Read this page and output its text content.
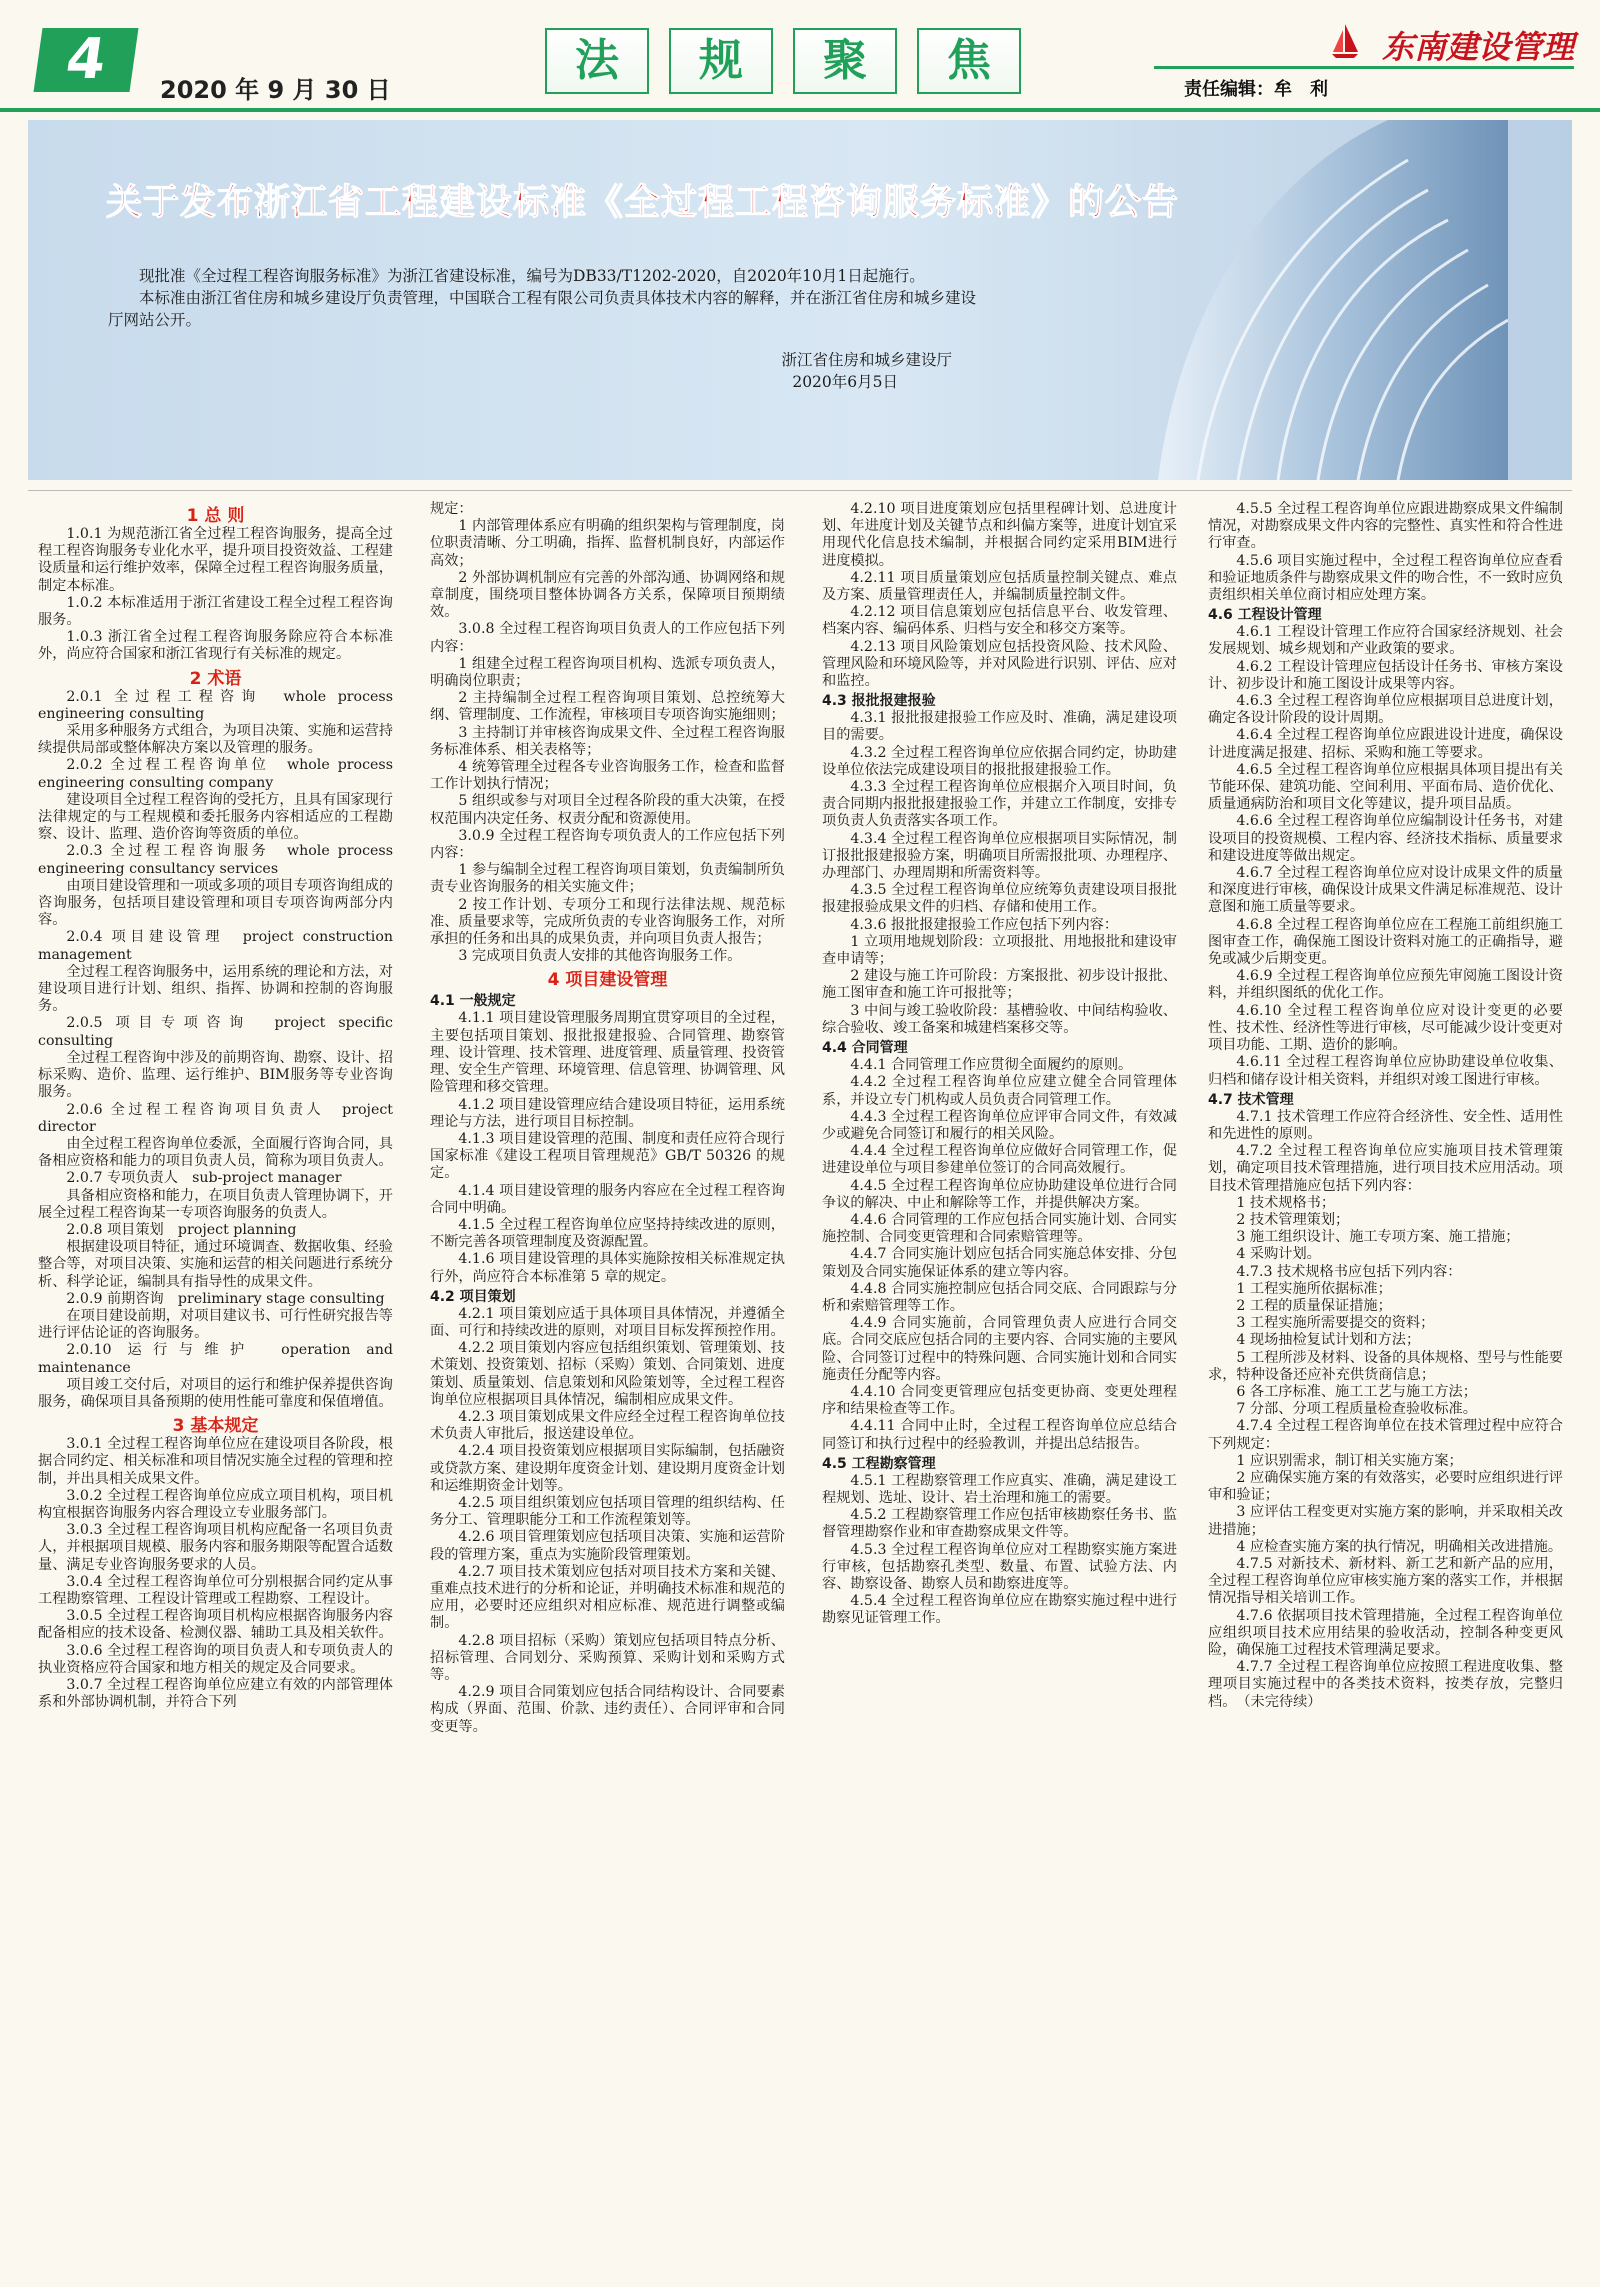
4	2020 年 9 月 30 日
法	规	聚	焦	东南建设管理
责任编辑：牟　利
关于发布浙江省工程建设标准《全过程工程咨询服务标准》的公告

现批准《全过程工程咨询服务标准》为浙江省建设标准，编号为DB33/T1202-2020，自2020年10月1日起施行。

本标准由浙江省住房和城乡建设厅负责管理，中国联合工程有限公司负责具体技术内容的解释，并在浙江省住房和城乡建设厅网站公开。

浙江省住房和城乡建设厅

2020年6月5日

1 总 则

1.0.1 为规范浙江省全过程工程咨询服务，提高全过程工程咨询服务专业化水平，提升项目投资效益、工程建设质量和运行维护效率，保障全过程工程咨询服务质量，制定本标准。

1.0.2 本标准适用于浙江省建设工程全过程工程咨询服务。

1.0.3 浙江省全过程工程咨询服务除应符合本标准外，尚应符合国家和浙江省现行有关标准的规定。

2 术语

2.0.1 全过程工程咨询　whole process engineering consulting

采用多种服务方式组合，为项目决策、实施和运营持续提供局部或整体解决方案以及管理的服务。

2.0.2 全过程工程咨询单位　whole process engineering consulting company

建设项目全过程工程咨询的受托方，且具有国家现行法律规定的与工程规模和委托服务内容相适应的工程勘察、设计、监理、造价咨询等资质的单位。

2.0.3 全过程工程咨询服务　whole process engineering consultancy services

由项目建设管理和一项或多项的项目专项咨询组成的咨询服务，包括项目建设管理和项目专项咨询两部分内容。

2.0.4 项目建设管理　project construction management

全过程工程咨询服务中，运用系统的理论和方法，对建设项目进行计划、组织、指挥、协调和控制的咨询服务。

2.0.5 项目专项咨询　project specific consulting

全过程工程咨询中涉及的前期咨询、勘察、设计、招标采购、造价、监理、运行维护、BIM服务等专业咨询服务。

2.0.6 全过程工程咨询项目负责人　project director

由全过程工程咨询单位委派，全面履行咨询合同，具备相应资格和能力的项目负责人员，简称为项目负责人。

2.0.7 专项负责人　sub-project manager

具备相应资格和能力，在项目负责人管理协调下，开展全过程工程咨询某一专项咨询服务的负责人。

2.0.8 项目策划　project planning

根据建设项目特征，通过环境调查、数据收集、经验整合等，对项目决策、实施和运营的相关问题进行系统分析、科学论证，编制具有指导性的成果文件。

2.0.9 前期咨询　preliminary stage consulting

在项目建设前期，对项目建议书、可行性研究报告等进行评估论证的咨询服务。

2.0.10 运行与维护　operation and maintenance

项目竣工交付后，对项目的运行和维护保养提供咨询服务，确保项目具备预期的使用性能可靠度和保值增值。

3 基本规定

3.0.1 全过程工程咨询单位应在建设项目各阶段，根据合同约定、相关标准和项目情况实施全过程的管理和控制，并出具相关成果文件。

3.0.2 全过程工程咨询单位应成立项目机构，项目机构宜根据咨询服务内容合理设立专业服务部门。

3.0.3 全过程工程咨询项目机构应配备一名项目负责人，并根据项目规模、服务内容和服务期限等配置合适数量、满足专业咨询服务要求的人员。

3.0.4 全过程工程咨询单位可分别根据合同约定从事工程勘察管理、工程设计管理或工程勘察、工程设计。

3.0.5 全过程工程咨询项目机构应根据咨询服务内容配备相应的技术设备、检测仪器、辅助工具及相关软件。

3.0.6 全过程工程咨询的项目负责人和专项负责人的执业资格应符合国家和地方相关的规定及合同要求。

3.0.7 全过程工程咨询单位应建立有效的内部管理体系和外部协调机制，并符合下列

规定：

1 内部管理体系应有明确的组织架构与管理制度，岗位职责清晰、分工明确，指挥、监督机制良好，内部运作高效；

2 外部协调机制应有完善的外部沟通、协调网络和规章制度，围绕项目整体协调各方关系，保障项目预期绩效。

3.0.8 全过程工程咨询项目负责人的工作应包括下列内容：

1 组建全过程工程咨询项目机构、选派专项负责人，明确岗位职责；

2 主持编制全过程工程咨询项目策划、总控统筹大纲、管理制度、工作流程，审核项目专项咨询实施细则；

3 主持制订并审核咨询成果文件、全过程工程咨询服务标准体系、相关表格等；

4 统筹管理全过程各专业咨询服务工作，检查和监督工作计划执行情况；

5 组织或参与对项目全过程各阶段的重大决策，在授权范围内决定任务、权责分配和资源使用。

3.0.9 全过程工程咨询专项负责人的工作应包括下列内容：

1 参与编制全过程工程咨询项目策划，负责编制所负责专业咨询服务的相关实施文件；

2 按工作计划、专项分工和现行法律法规、规范标准、质量要求等，完成所负责的专业咨询服务工作，对所承担的任务和出具的成果负责，并向项目负责人报告；

3 完成项目负责人安排的其他咨询服务工作。

4 项目建设管理

4.1 一般规定

4.1.1 项目建设管理服务周期宜贯穿项目的全过程，主要包括项目策划、报批报建报验、合同管理、勘察管理、设计管理、技术管理、进度管理、质量管理、投资管理、安全生产管理、环境管理、信息管理、协调管理、风险管理和移交管理。

4.1.2 项目建设管理应结合建设项目特征，运用系统理论与方法，进行项目目标控制。

4.1.3 项目建设管理的范围、制度和责任应符合现行国家标准《建设工程项目管理规范》GB/T 50326 的规定。

4.1.4 项目建设管理的服务内容应在全过程工程咨询合同中明确。

4.1.5 全过程工程咨询单位应坚持持续改进的原则，不断完善各项管理制度及资源配置。

4.1.6 项目建设管理的具体实施除按相关标准规定执行外，尚应符合本标准第 5 章的规定。

4.2 项目策划

4.2.1 项目策划应适于具体项目具体情况，并遵循全面、可行和持续改进的原则，对项目目标发挥预控作用。

4.2.2 项目策划内容应包括组织策划、管理策划、技术策划、投资策划、招标（采购）策划、合同策划、进度策划、质量策划、信息策划和风险策划等，全过程工程咨询单位应根据项目具体情况，编制相应成果文件。

4.2.3 项目策划成果文件应经全过程工程咨询单位技术负责人审批后，报送建设单位。

4.2.4 项目投资策划应根据项目实际编制，包括融资或贷款方案、建设期年度资金计划、建设期月度资金计划和运维期资金计划等。

4.2.5 项目组织策划应包括项目管理的组织结构、任务分工、管理职能分工和工作流程策划等。

4.2.6 项目管理策划应包括项目决策、实施和运营阶段的管理方案，重点为实施阶段管理策划。

4.2.7 项目技术策划应包括对项目技术方案和关键、重难点技术进行的分析和论证，并明确技术标准和规范的应用，必要时还应组织对相应标准、规范进行调整或编制。

4.2.8 项目招标（采购）策划应包括项目特点分析、招标管理、合同划分、采购预算、采购计划和采购方式等。

4.2.9 项目合同策划应包括合同结构设计、合同要素构成（界面、范围、价款、违约责任）、合同评审和合同变更等。

4.2.10 项目进度策划应包括里程碑计划、总进度计划、年进度计划及关键节点和纠偏方案等，进度计划宜采用现代化信息技术编制，并根据合同约定采用BIM进行进度模拟。

4.2.11 项目质量策划应包括质量控制关键点、难点及方案、质量管理责任人，并编制质量控制文件。

4.2.12 项目信息策划应包括信息平台、收发管理、档案内容、编码体系、归档与安全和移交方案等。

4.2.13 项目风险策划应包括投资风险、技术风险、管理风险和环境风险等，并对风险进行识别、评估、应对和监控。

4.3 报批报建报验

4.3.1 报批报建报验工作应及时、准确，满足建设项目的需要。

4.3.2 全过程工程咨询单位应依据合同约定，协助建设单位依法完成建设项目的报批报建报验工作。

4.3.3 全过程工程咨询单位应根据介入项目时间，负责合同期内报批报建报验工作，并建立工作制度，安排专项负责人负责落实各项工作。

4.3.4 全过程工程咨询单位应根据项目实际情况，制订报批报建报验方案，明确项目所需报批项、办理程序、办理部门、办理周期和所需资料等。

4.3.5 全过程工程咨询单位应统筹负责建设项目报批报建报验成果文件的归档、存储和使用工作。

4.3.6 报批报建报验工作应包括下列内容：

1 立项用地规划阶段：立项报批、用地报批和建设审查申请等；

2 建设与施工许可阶段：方案报批、初步设计报批、施工图审查和施工许可报批等；

3 中间与竣工验收阶段：基槽验收、中间结构验收、综合验收、竣工备案和城建档案移交等。

4.4 合同管理

4.4.1 合同管理工作应贯彻全面履约的原则。

4.4.2 全过程工程咨询单位应建立健全合同管理体系，并设立专门机构或人员负责合同管理工作。

4.4.3 全过程工程咨询单位应评审合同文件，有效减少或避免合同签订和履行的相关风险。

4.4.4 全过程工程咨询单位应做好合同管理工作，促进建设单位与项目参建单位签订的合同高效履行。

4.4.5 全过程工程咨询单位应协助建设单位进行合同争议的解决、中止和解除等工作，并提供解决方案。

4.4.6 合同管理的工作应包括合同实施计划、合同实施控制、合同变更管理和合同索赔管理等。

4.4.7 合同实施计划应包括合同实施总体安排、分包策划及合同实施保证体系的建立等内容。

4.4.8 合同实施控制应包括合同交底、合同跟踪与分析和索赔管理等工作。

4.4.9 合同实施前，合同管理负责人应进行合同交底。合同交底应包括合同的主要内容、合同实施的主要风险、合同签订过程中的特殊问题、合同实施计划和合同实施责任分配等内容。

4.4.10 合同变更管理应包括变更协商、变更处理程序和结果检查等工作。

4.4.11 合同中止时，全过程工程咨询单位应总结合同签订和执行过程中的经验教训，并提出总结报告。

4.5 工程勘察管理

4.5.1 工程勘察管理工作应真实、准确，满足建设工程规划、选址、设计、岩土治理和施工的需要。

4.5.2 工程勘察管理工作应包括审核勘察任务书、监督管理勘察作业和审查勘察成果文件等。

4.5.3 全过程工程咨询单位应对工程勘察实施方案进行审核，包括勘察孔类型、数量、布置、试验方法、内容、勘察设备、勘察人员和勘察进度等。

4.5.4 全过程工程咨询单位应在勘察实施过程中进行勘察见证管理工作。

4.5.5 全过程工程咨询单位应跟进勘察成果文件编制情况，对勘察成果文件内容的完整性、真实性和符合性进行审查。

4.5.6 项目实施过程中，全过程工程咨询单位应查看和验证地质条件与勘察成果文件的吻合性，不一致时应负责组织相关单位商讨相应处理方案。

4.6 工程设计管理

4.6.1 工程设计管理工作应符合国家经济规划、社会发展规划、城乡规划和产业政策的要求。

4.6.2 工程设计管理应包括设计任务书、审核方案设计、初步设计和施工图设计成果等内容。

4.6.3 全过程工程咨询单位应根据项目总进度计划，确定各设计阶段的设计周期。

4.6.4 全过程工程咨询单位应跟进设计进度，确保设计进度满足报建、招标、采购和施工等要求。

4.6.5 全过程工程咨询单位应根据具体项目提出有关节能环保、建筑功能、空间利用、平面布局、造价优化、质量通病防治和项目文化等建议，提升项目品质。

4.6.6 全过程工程咨询单位应编制设计任务书，对建设项目的投资规模、工程内容、经济技术指标、质量要求和建设进度等做出规定。

4.6.7 全过程工程咨询单位应对设计成果文件的质量和深度进行审核，确保设计成果文件满足标准规范、设计意图和施工质量等要求。

4.6.8 全过程工程咨询单位应在工程施工前组织施工图审查工作，确保施工图设计资料对施工的正确指导，避免或减少后期变更。

4.6.9 全过程工程咨询单位应预先审阅施工图设计资料，并组织图纸的优化工作。

4.6.10 全过程工程咨询单位应对设计变更的必要性、技术性、经济性等进行审核，尽可能减少设计变更对项目功能、工期、造价的影响。

4.6.11 全过程工程咨询单位应协助建设单位收集、归档和储存设计相关资料，并组织对竣工图进行审核。

4.7 技术管理

4.7.1 技术管理工作应符合经济性、安全性、适用性和先进性的原则。

4.7.2 全过程工程咨询单位应实施项目技术管理策划，确定项目技术管理措施，进行项目技术应用活动。项目技术管理措施应包括下列内容：

1 技术规格书；

2 技术管理策划；

3 施工组织设计、施工专项方案、施工措施；

4 采购计划。

4.7.3 技术规格书应包括下列内容：

1 工程实施所依据标准；

2 工程的质量保证措施；

3 工程实施所需要提交的资料；

4 现场抽检复试计划和方法；

5 工程所涉及材料、设备的具体规格、型号与性能要求，特种设备还应补充供货商信息；

6 各工序标准、施工工艺与施工方法；

7 分部、分项工程质量检查验收标准。

4.7.4 全过程工程咨询单位在技术管理过程中应符合下列规定：

1 应识别需求，制订相关实施方案；

2 应确保实施方案的有效落实，必要时应组织进行评审和验证；

3 应评估工程变更对实施方案的影响，并采取相关改进措施；

4 应检查实施方案的执行情况，明确相关改进措施。

4.7.5 对新技术、新材料、新工艺和新产品的应用，全过程工程咨询单位应审核实施方案的落实工作，并根据情况指导相关培训工作。

4.7.6 依据项目技术管理措施，全过程工程咨询单位应组织项目技术应用结果的验收活动，控制各种变更风险，确保施工过程技术管理满足要求。

4.7.7 全过程工程咨询单位应按照工程进度收集、整理项目实施过程中的各类技术资料，按类存放，完整归档。　（未完待续）
